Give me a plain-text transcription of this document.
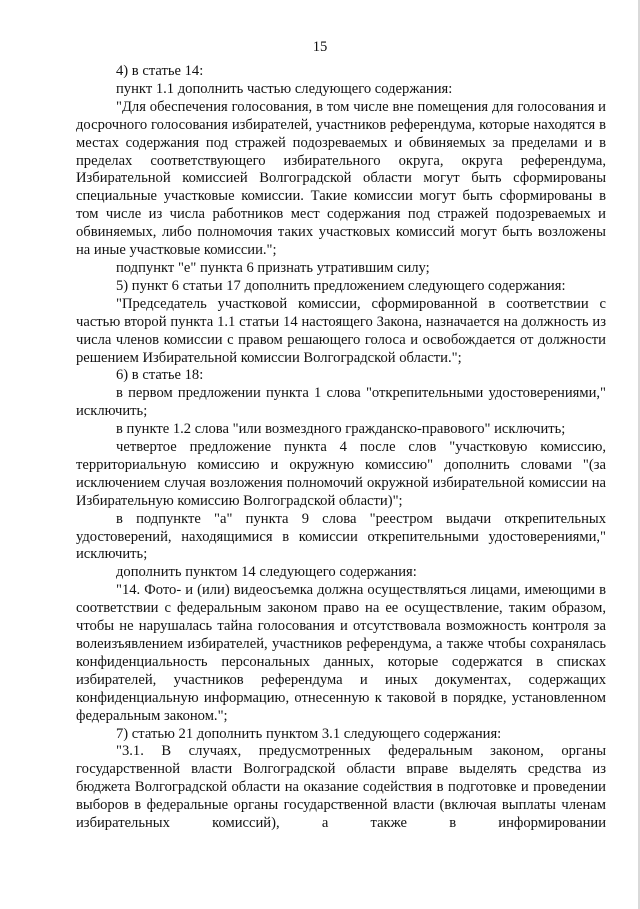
15

4) в статье 14:

пункт 1.1 дополнить частью следующего содержания:

"Для обеспечения голосования, в том числе вне помещения для голосования и досрочного голосования избирателей, участников референдума, которые находятся в местах содержания под стражей подозреваемых и обвиняемых за пределами и в пределах соответствующего избирательного округа, округа референдума, Избирательной комиссией Волгоградской области могут быть сформированы специальные участковые комиссии. Такие комиссии могут быть сформированы в том числе из числа работников мест содержания под стражей подозреваемых и обвиняемых, либо полномочия таких участковых комиссий могут быть возложены на иные участковые комиссии.";

подпункт "е" пункта 6 признать утратившим силу;

5) пункт 6 статьи 17 дополнить предложением следующего содержания:

"Председатель участковой комиссии, сформированной в соответствии с частью второй пункта 1.1 статьи 14 настоящего Закона, назначается на должность из числа членов комиссии с правом решающего голоса и освобождается от должности решением Избирательной комиссии Волгоградской области.";

6) в статье 18:

в первом предложении пункта 1 слова "открепительными удостоверениями," исключить;

в пункте 1.2 слова "или возмездного гражданско-правового" исключить;

четвертое предложение пункта 4 после слов "участковую комиссию, территориальную комиссию и окружную комиссию" дополнить словами "(за исключением случая возложения полномочий окружной избирательной комиссии на Избирательную комиссию Волгоградской области)";

в подпункте "а" пункта 9 слова "реестром выдачи открепительных удостоверений, находящимися в комиссии открепительными удостоверениями," исключить;

дополнить пунктом 14 следующего содержания:

"14. Фото- и (или) видеосъемка должна осуществляться лицами, имеющими в соответствии с федеральным законом право на ее осуществление, таким образом, чтобы не нарушалась тайна голосования и отсутствовала возможность контроля за волеизъявлением избирателей, участников референдума, а также чтобы сохранялась конфиденциальность персональных данных, которые содержатся в списках избирателей, участников референдума и иных документах, содержащих конфиденциальную информацию, отнесенную к таковой в порядке, установленном федеральным законом.";

7) статью 21 дополнить пунктом 3.1 следующего содержания:

"3.1. В случаях, предусмотренных федеральным законом, органы государственной власти Волгоградской области вправе выделять средства из бюджета Волгоградской области на оказание содействия в подготовке и проведении выборов в федеральные органы государственной власти (включая выплаты членам избирательных комиссий), а также в информировании
